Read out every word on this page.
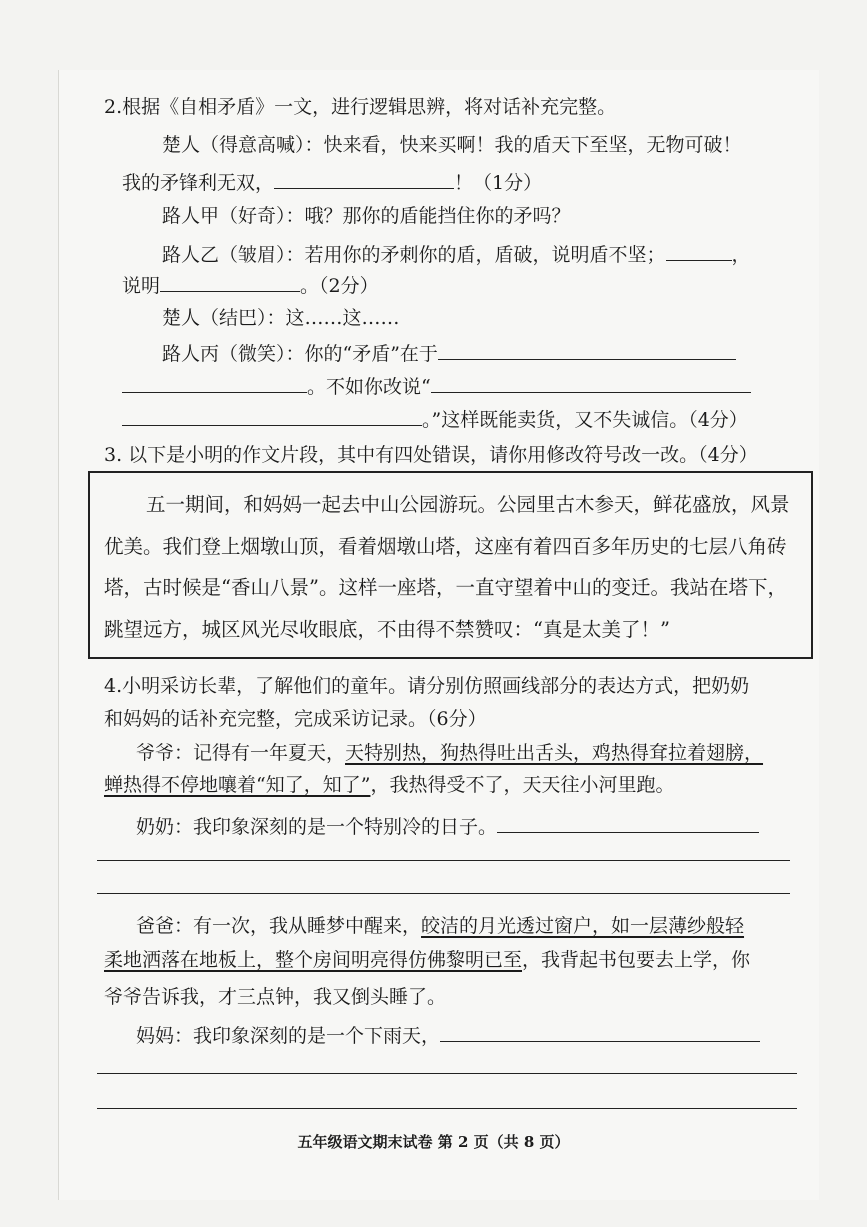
2.根据《自相矛盾》一文，进行逻辑思辨，将对话补充完整。
楚人（得意高喊）：快来看，快来买啊！我的盾天下至坚，无物可破！
我的矛锋利无双，	！（1分）
路人甲（好奇）：哦？那你的盾能挡住你的矛吗？
路人乙（皱眉）：若用你的矛刺你的盾，盾破，说明盾不坚；	，
说明	。（2分）
楚人（结巴）：这……这……
路人丙（微笑）：你的“矛盾”在于
。不如你改说“
。”这样既能卖货，又不失诚信。（4分）
3. 以下是小明的作文片段，其中有四处错误，请你用修改符号改一改。（4分）
五一期间，和妈妈一起去中山公园游玩。公园里古木参天，鲜花盛放，风景
优美。我们登上烟墩山顶，看着烟墩山塔，这座有着四百多年历史的七层八角砖
塔，古时候是“香山八景”。这样一座塔，一直守望着中山的变迁。我站在塔下，
跳望远方，城区风光尽收眼底，不由得不禁赞叹：“真是太美了！”
4.小明采访长辈，了解他们的童年。请分别仿照画线部分的表达方式，把奶奶
和妈妈的话补充完整，完成采访记录。（6分）
爷爷：记得有一年夏天，天特别热，狗热得吐出舌头，鸡热得耷拉着翅膀，
蝉热得不停地嚷着“知了，知了”，我热得受不了，天天往小河里跑。
奶奶：我印象深刻的是一个特别冷的日子。
爸爸：有一次，我从睡梦中醒来，皎洁的月光透过窗户，如一层薄纱般轻
柔地洒落在地板上，整个房间明亮得仿佛黎明已至，我背起书包要去上学，你
爷爷告诉我，才三点钟，我又倒头睡了。
妈妈：我印象深刻的是一个下雨天，
五年级语文期末试卷 第 2 页（共 8 页）
